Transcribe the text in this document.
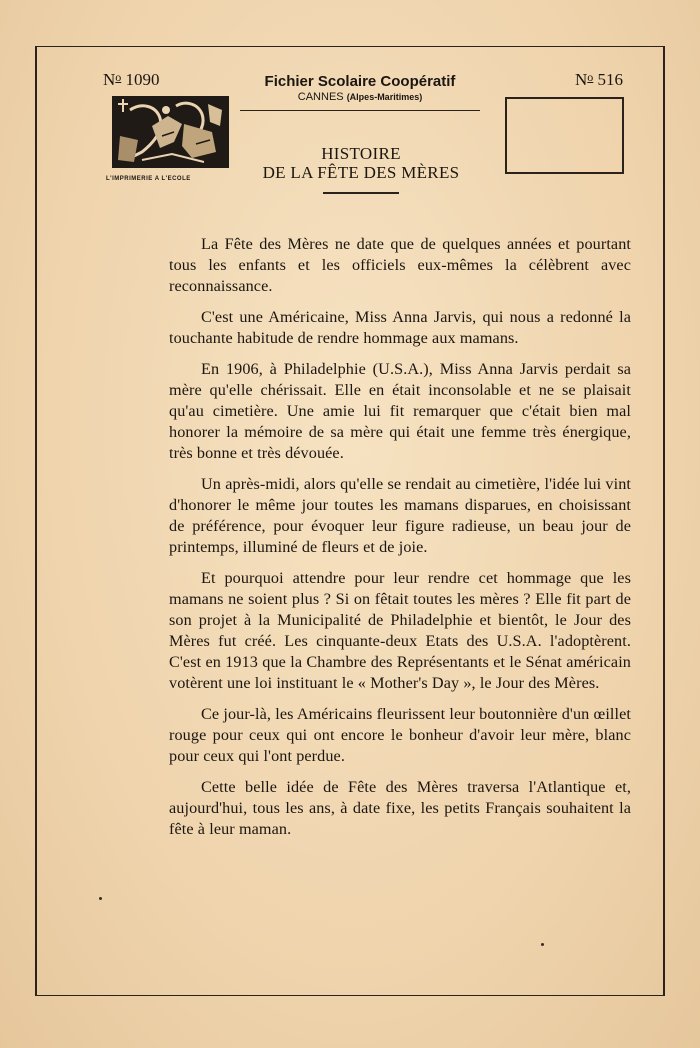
$N^o$ 1090	$N^o$ 516
L'IMPRIMERIE A L'ECOLE
Fichier Scolaire Coopératif
CANNES (Alpes-Maritimes)
HISTOIRE
DE LA FÊTE DES MÈRES

La Fête des Mères ne date que de quelques années et pourtant tous les enfants et les officiels eux-mêmes la célèbrent avec reconnaissance.

C'est une Américaine, Miss Anna Jarvis, qui nous a redonné la touchante habitude de rendre hommage aux mamans.

En 1906, à Philadelphie (U.S.A.), Miss Anna Jarvis perdait sa mère qu'elle chérissait. Elle en était inconsolable et ne se plaisait qu'au cimetière. Une amie lui fit remarquer que c'était bien mal honorer la mémoire de sa mère qui était une femme très énergique, très bonne et très dévouée.

Un après-midi, alors qu'elle se rendait au cimetière, l'idée lui vint d'honorer le même jour toutes les mamans disparues, en choisissant de préférence, pour évoquer leur figure radieuse, un beau jour de printemps, illuminé de fleurs et de joie.

Et pourquoi attendre pour leur rendre cet hommage que les mamans ne soient plus ? Si on fêtait toutes les mères ? Elle fit part de son projet à la Municipalité de Philadelphie et bientôt, le Jour des Mères fut créé. Les cinquante-deux Etats des U.S.A. l'adoptèrent. C'est en 1913 que la Chambre des Représentants et le Sénat américain votèrent une loi instituant le « Mother's Day », le Jour des Mères.

Ce jour-là, les Américains fleurissent leur boutonnière d'un œillet rouge pour ceux qui ont encore le bonheur d'avoir leur mère, blanc pour ceux qui l'ont perdue.

Cette belle idée de Fête des Mères traversa l'Atlantique et, aujourd'hui, tous les ans, à date fixe, les petits Français souhaitent la fête à leur maman.
